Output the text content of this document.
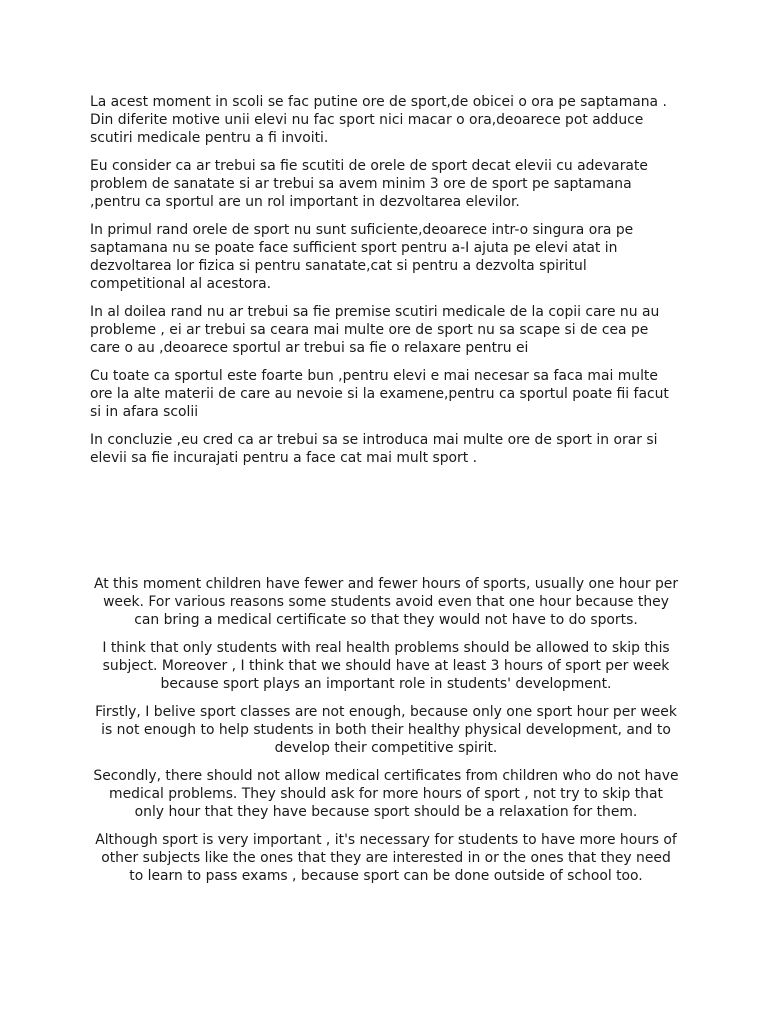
La acest moment in scoli se fac putine ore de sport,de obicei o ora pe saptamana .
Din diferite motive unii elevi nu fac sport nici macar o ora,deoarece pot adduce
scutiri medicale pentru a fi invoiti.

Eu consider ca ar trebui sa fie scutiti de orele de sport decat elevii cu adevarate
problem de sanatate si ar trebui sa avem minim 3 ore de sport pe saptamana
,pentru ca sportul are un rol important in dezvoltarea elevilor.

In primul rand orele de sport nu sunt suficiente,deoarece intr-o singura ora pe
saptamana nu se poate face sufficient sport pentru a-I ajuta pe elevi atat in
dezvoltarea lor fizica si pentru sanatate,cat si pentru a dezvolta spiritul
competitional al acestora.

In al doilea rand nu ar trebui sa fie premise scutiri medicale de la copii care nu au
probleme , ei ar trebui sa ceara mai multe ore de sport nu sa scape si de cea pe
care o au ,deoarece sportul ar trebui sa fie o relaxare pentru ei

Cu toate ca sportul este foarte bun ,pentru elevi e mai necesar sa faca mai multe
ore la alte materii de care au nevoie si la examene,pentru ca sportul poate fii facut
si in afara scolii

In concluzie ,eu cred ca ar trebui sa se introduca mai multe ore de sport in orar si
elevii sa fie incurajati pentru a face cat mai mult sport .

At this moment children have fewer and fewer hours of sports, usually one hour per
week. For various reasons some students avoid even that one hour because they
can bring a medical certificate so that they would not have to do sports.

I think that only students with real health problems should be allowed to skip this
subject. Moreover , I think that we should have at least 3 hours of sport per week
because sport plays an important role in students' development.

Firstly, I belive sport classes are not enough, because only one sport hour per week
is not enough to help students in both their healthy physical development, and to
develop their competitive spirit.

Secondly, there should not allow medical certificates from children who do not have
medical problems. They should ask for more hours of sport , not try to skip that
only hour that they have because sport should be a relaxation for them.

Although sport is very important , it's necessary for students to have more hours of
other subjects like the ones that they are interested in or the ones that they need
to learn to pass exams , because sport can be done outside of school too.
